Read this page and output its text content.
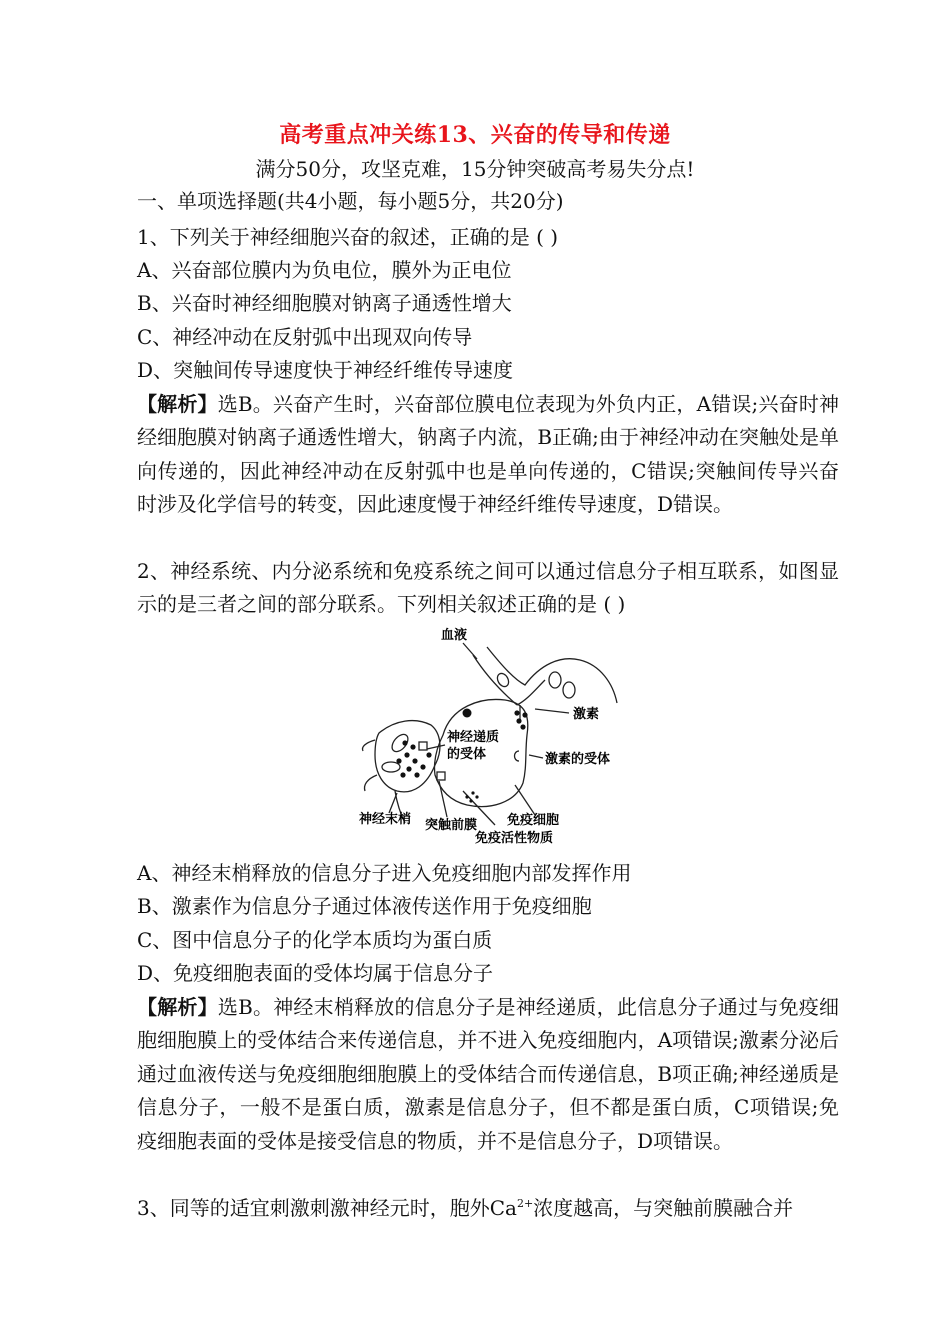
高考重点冲关练13、兴奋的传导和传递
满分50分，攻坚克难，15分钟突破高考易失分点!
一、单项选择题(共4小题，每小题5分，共20分)
1、下列关于神经细胞兴奋的叙述，正确的是 ( )
A、兴奋部位膜内为负电位，膜外为正电位
B、兴奋时神经细胞膜对钠离子通透性增大
C、神经冲动在反射弧中出现双向传导
D、突触间传导速度快于神经纤维传导速度
【解析】选B。兴奋产生时，兴奋部位膜电位表现为外负内正，A错误;兴奋时神经细胞膜对钠离子通透性增大，钠离子内流，B正确;由于神经冲动在突触处是单向传递的，因此神经冲动在反射弧中也是单向传递的，C错误;突触间传导兴奋时涉及化学信号的转变，因此速度慢于神经纤维传导速度，D错误。
2、神经系统、内分泌系统和免疫系统之间可以通过信息分子相互联系，如图显示的是三者之间的部分联系。下列相关叙述正确的是 ( )
血液
激素
神经递质
的受体	激素的受体
神经末梢 突触前膜 免疫细胞
免疫活性物质
A、神经末梢释放的信息分子进入免疫细胞内部发挥作用
B、激素作为信息分子通过体液传送作用于免疫细胞
C、图中信息分子的化学本质均为蛋白质
D、免疫细胞表面的受体均属于信息分子
【解析】选B。神经末梢释放的信息分子是神经递质，此信息分子通过与免疫细胞细胞膜上的受体结合来传递信息，并不进入免疫细胞内，A项错误;激素分泌后通过血液传送与免疫细胞细胞膜上的受体结合而传递信息，B项正确;神经递质是信息分子，一般不是蛋白质，激素是信息分子，但不都是蛋白质，C项错误;免疫细胞表面的受体是接受信息的物质，并不是信息分子，D项错误。
3、同等的适宜刺激刺激神经元时，胞外$Ca^{2+}$浓度越高，与突触前膜融合并
